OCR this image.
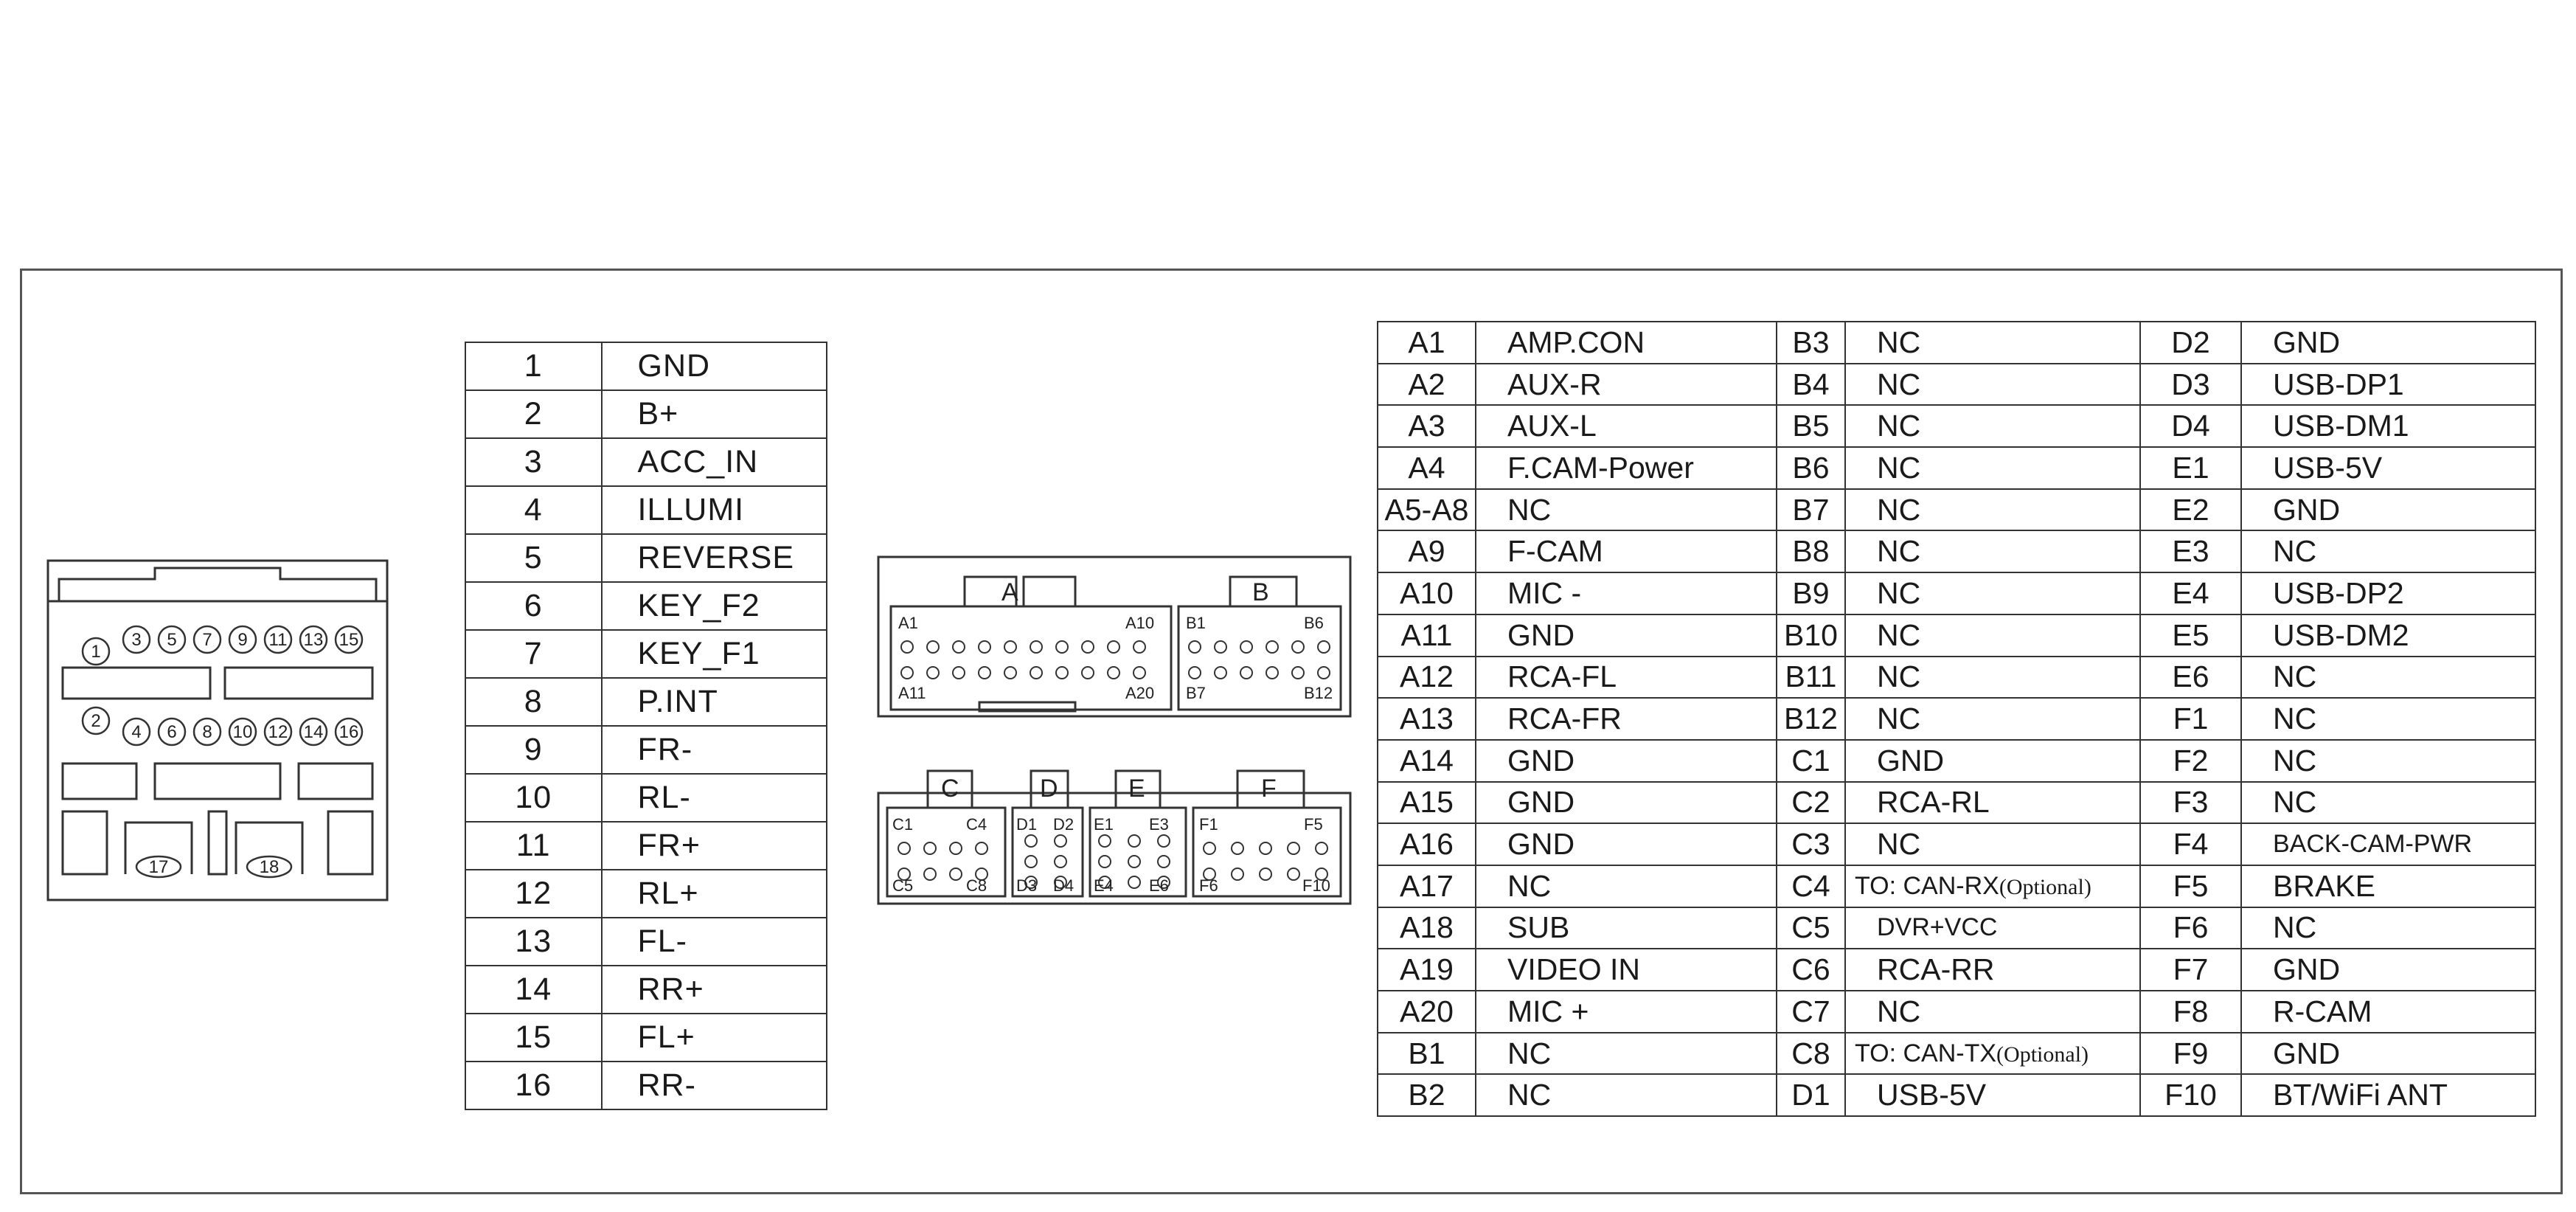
1
3 5 7 9 11 13 15
2
4 6 8 10 12 14 16
17	18
1	GND
2	B+
3	ACC_IN
4	ILLUMI
5	REVERSE
6	KEY_F2
7	KEY_F1
8	P.INT
9	FR-
10	RL-
11	FR+
12	RL+
13	FL-
14	RR+
15	FL+
16	RR-
A	B
A1	A10
A11	A20
B1	B6
B7	B12
C	D	E	F
C1	C4
C5	C8
D1 D2
D3 D4
E1 E3
E4 E6
F1	F5
F6	F10
A1	AMP.CON	B3	NC	D2	GND
A2	AUX-R	B4	NC	D3	USB-DP1
A3	AUX-L	B5	NC	D4	USB-DM1
A4	F.CAM-Power	B6	NC	E1	USB-5V
A5-A8	NC	B7	NC	E2	GND
A9	F-CAM	B8	NC	E3	NC
A10	MIC -	B9	NC	E4	USB-DP2
A11	GND	B10	NC	E5	USB-DM2
A12	RCA-FL	B11	NC	E6	NC
A13	RCA-FR	B12	NC	F1	NC
A14	GND	C1	GND	F2	NC
A15	GND	C2	RCA-RL	F3	NC
A16	GND	C3	NC	F4	BACK-CAM-PWR
A17	NC	C4	TO: CAN-RX(Optional)	F5	BRAKE
A18	SUB	C5	DVR+VCC	F6	NC
A19	VIDEO IN	C6	RCA-RR	F7	GND
A20	MIC +	C7	NC	F8	R-CAM
B1	NC	C8	TO: CAN-TX(Optional)	F9	GND
B2	NC	D1	USB-5V	F10	BT/WiFi ANT
